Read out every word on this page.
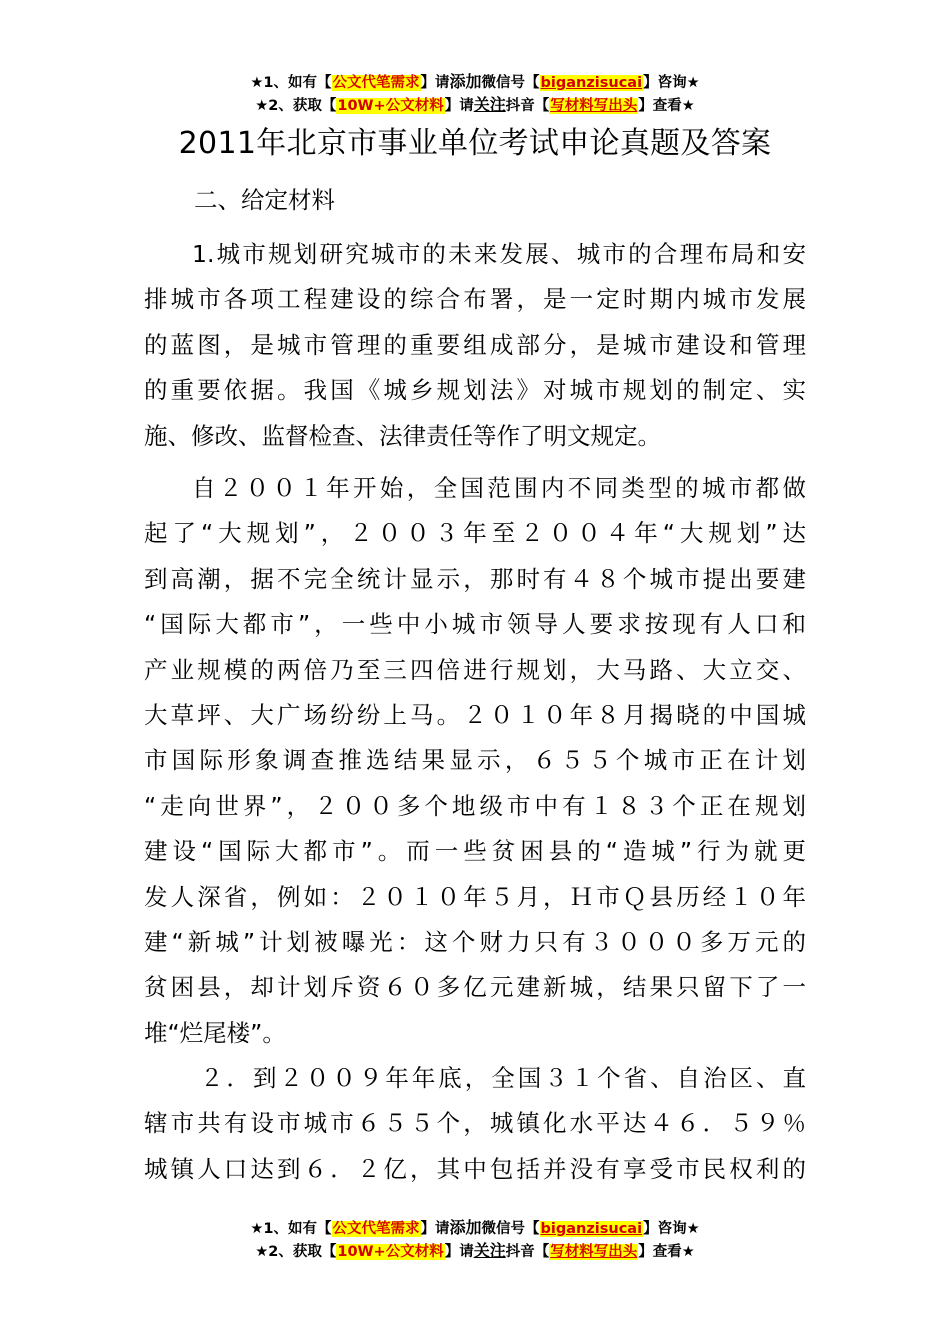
★1、如有【公文代笔需求】请添加微信号【biganzisucai】咨询★
★2、获取【10W+公文材料】请关注抖音【写材料写出头】查看★
2011年北京市事业单位考试申论真题及答案
二、给定材料
1.城市规划研究城市的未来发展、城市的合理布局和安
排城市各项工程建设的综合布署，是一定时期内城市发展
的蓝图，是城市管理的重要组成部分，是城市建设和管理
的重要依据。我国《城乡规划法》对城市规划的制定、实
施、修改、监督检查、法律责任等作了明文规定。
自２００１年开始，全国范围内不同类型的城市都做
起了“大规划”，２００３年至２００４年“大规划”达
到高潮，据不完全统计显示，那时有４８个城市提出要建
“国际大都市”，一些中小城市领导人要求按现有人口和
产业规模的两倍乃至三四倍进行规划，大马路、大立交、
大草坪、大广场纷纷上马。２０１０年８月揭晓的中国城
市国际形象调查推选结果显示，６５５个城市正在计划
“走向世界”，２００多个地级市中有１８３个正在规划
建设“国际大都市”。而一些贫困县的“造城”行为就更
发人深省，例如：２０１０年５月，Ｈ市Ｑ县历经１０年
建“新城”计划被曝光：这个财力只有３０００多万元的
贫困县，却计划斥资６０多亿元建新城，结果只留下了一
堆“烂尾楼”。
２．到２００９年年底，全国３１个省、自治区、直
辖市共有设市城市６５５个，城镇化水平达４６．５９％
城镇人口达到６．２亿，其中包括并没有享受市民权利的
★1、如有【公文代笔需求】请添加微信号【biganzisucai】咨询★
★2、获取【10W+公文材料】请关注抖音【写材料写出头】查看★
